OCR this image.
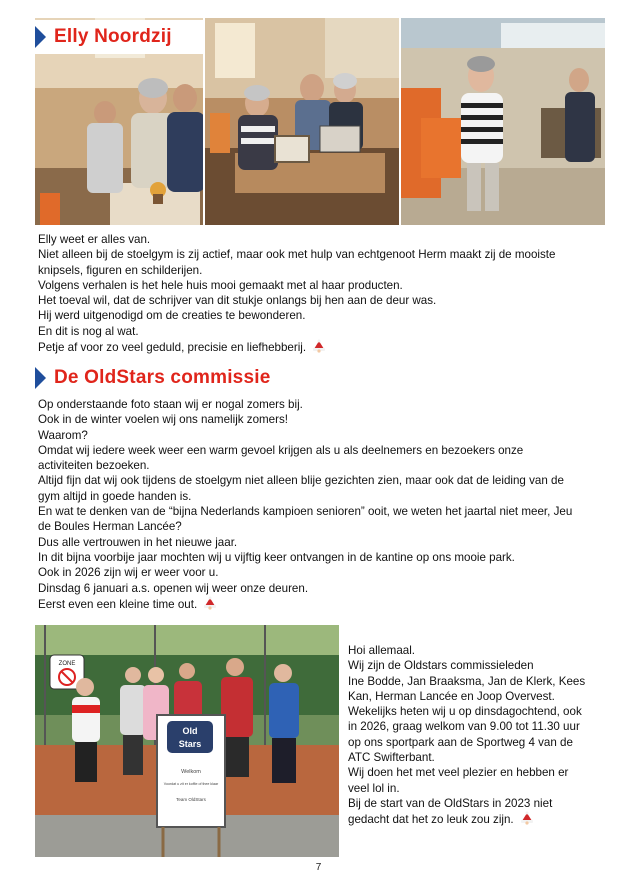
Elly Noordzij

Elly weet er alles van.

Niet alleen bij de stoelgym is zij actief, maar ook met hulp van echtgenoot Herm maakt zij de mooiste

knipsels, figuren en schilderijen.

Volgens verhalen is het hele huis mooi gemaakt met al haar producten.

Het toeval wil, dat de schrijver van dit stukje onlangs bij hen aan de deur was.

Hij werd uitgenodigd om de creaties te bewonderen.

En dit is nog al wat.

Petje af voor zo veel geduld, precisie en liefhebberij.

De OldStars commissie

Op onderstaande foto staan wij er nogal zomers bij.

Ook in de winter voelen wij ons namelijk zomers!

Waarom?

Omdat wij iedere week weer een warm gevoel krijgen als u als deelnemers en bezoekers onze

activiteiten bezoeken.

Altijd fijn dat wij ook tijdens de stoelgym niet alleen blije gezichten zien, maar ook dat de leiding van de

gym altijd in goede handen is.

En wat te denken van de “bijna Nederlands kampioen senioren” ooit, we weten het jaartal niet meer, Jeu

de Boules Herman Lancée?

Dus alle vertrouwen in het nieuwe jaar.

In dit bijna voorbije jaar mochten wij u vijftig keer ontvangen in de kantine op ons mooie park.

Ook in 2026 zijn wij er weer voor u.

Dinsdag 6 januari a.s. openen wij weer onze deuren.

Eerst even een kleine time out.

ZONE
Old
Stars
Welkom
Voordat u zit er koffie of thee klaar
Team OldStars

Hoi allemaal.

Wij zijn de Oldstars commissieleden

Ine Bodde, Jan Braaksma, Jan de Klerk, Kees

Kan, Herman Lancée en Joop Overvest.

Wekelijks heten wij u op dinsdagochtend, ook

in 2026, graag welkom van 9.00 tot 11.30 uur

op ons sportpark aan de Sportweg 4 van de

ATC Swifterbant.

Wij doen het met veel plezier en hebben er

veel lol in.

Bij de start van de OldStars in 2023 niet

gedacht dat het zo leuk zou zijn.

7
